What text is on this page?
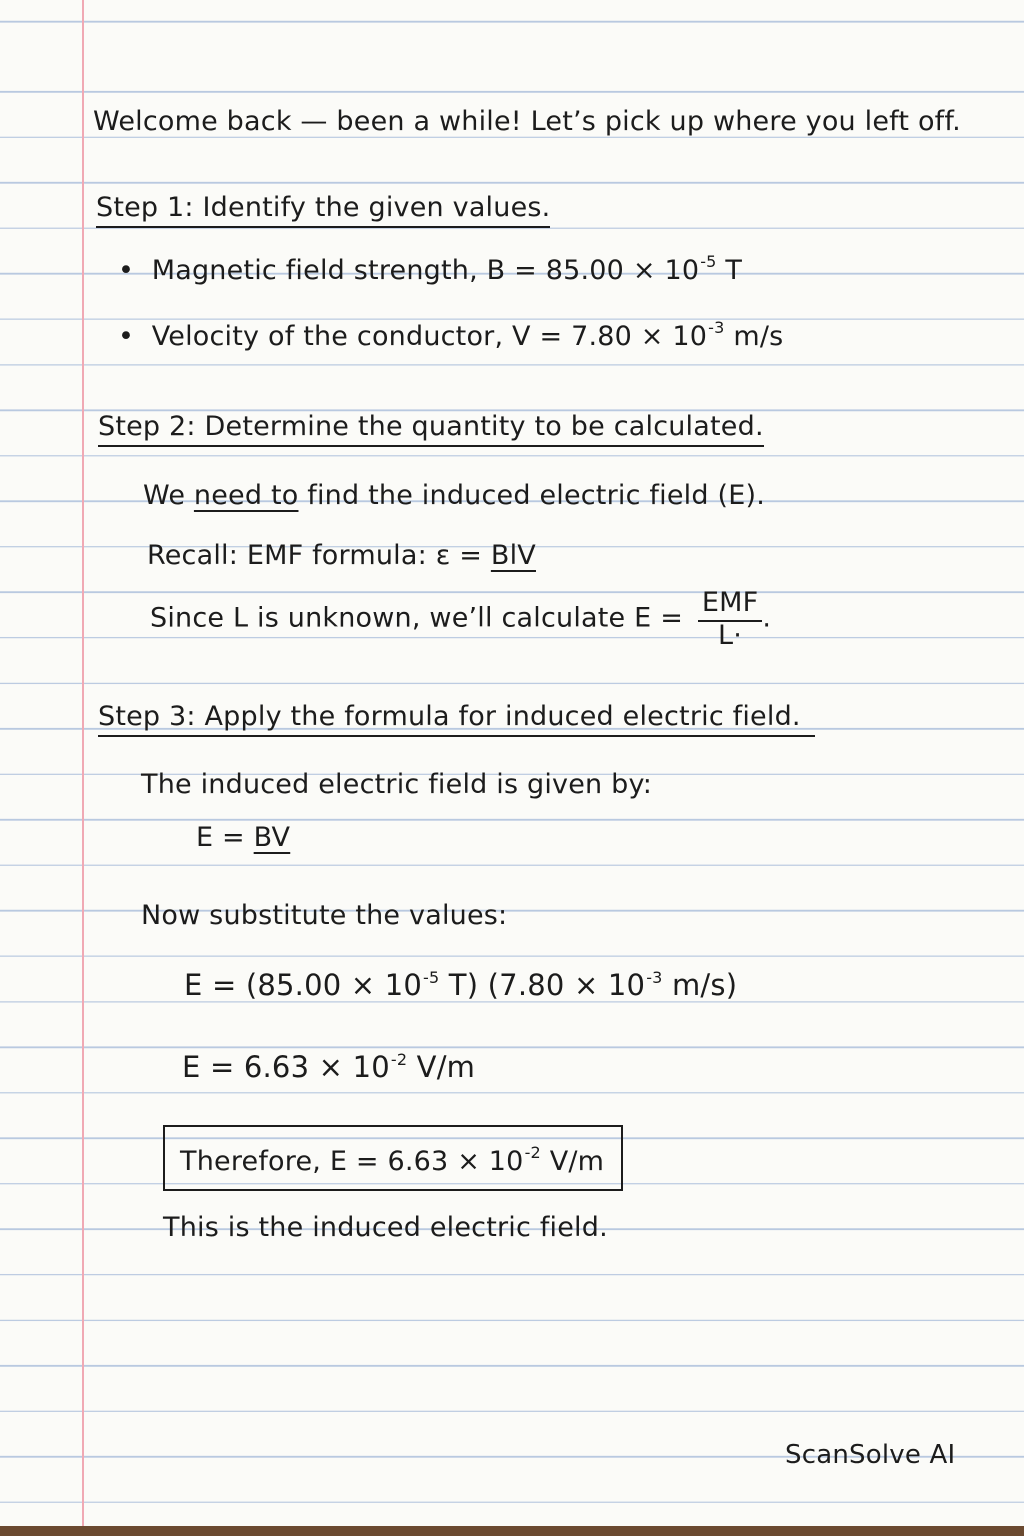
Welcome back — been a while! Let’s pick up where you left off.
Step 1: Identify the given values.
•  Magnetic field strength, $B = 85.00 \times 10^{-5}$ T
•  Velocity of the conductor, $V = 7.80 \times 10^{-3}$ m/s
Step 2: Determine the quantity to be calculated.
We need to find the induced electric field (E).
Recall: EMF formula: ε = BlV
Since L is unknown, we’ll calculate $E = \frac{\text{EMF}}{L\cdot}$ .
Step 3: Apply the formula for induced electric field.
The induced electric field is given by:
E = BV
Now substitute the values:
$E = (85.00 \times 10^{-5}$ T) ($7.80 \times 10^{-3}$ m/s)
$E = 6.63 \times 10^{-2}$ V/m
Therefore, $E = 6.63 \times 10^{-2}$ V/m
This is the induced electric field.
ScanSolve AI
